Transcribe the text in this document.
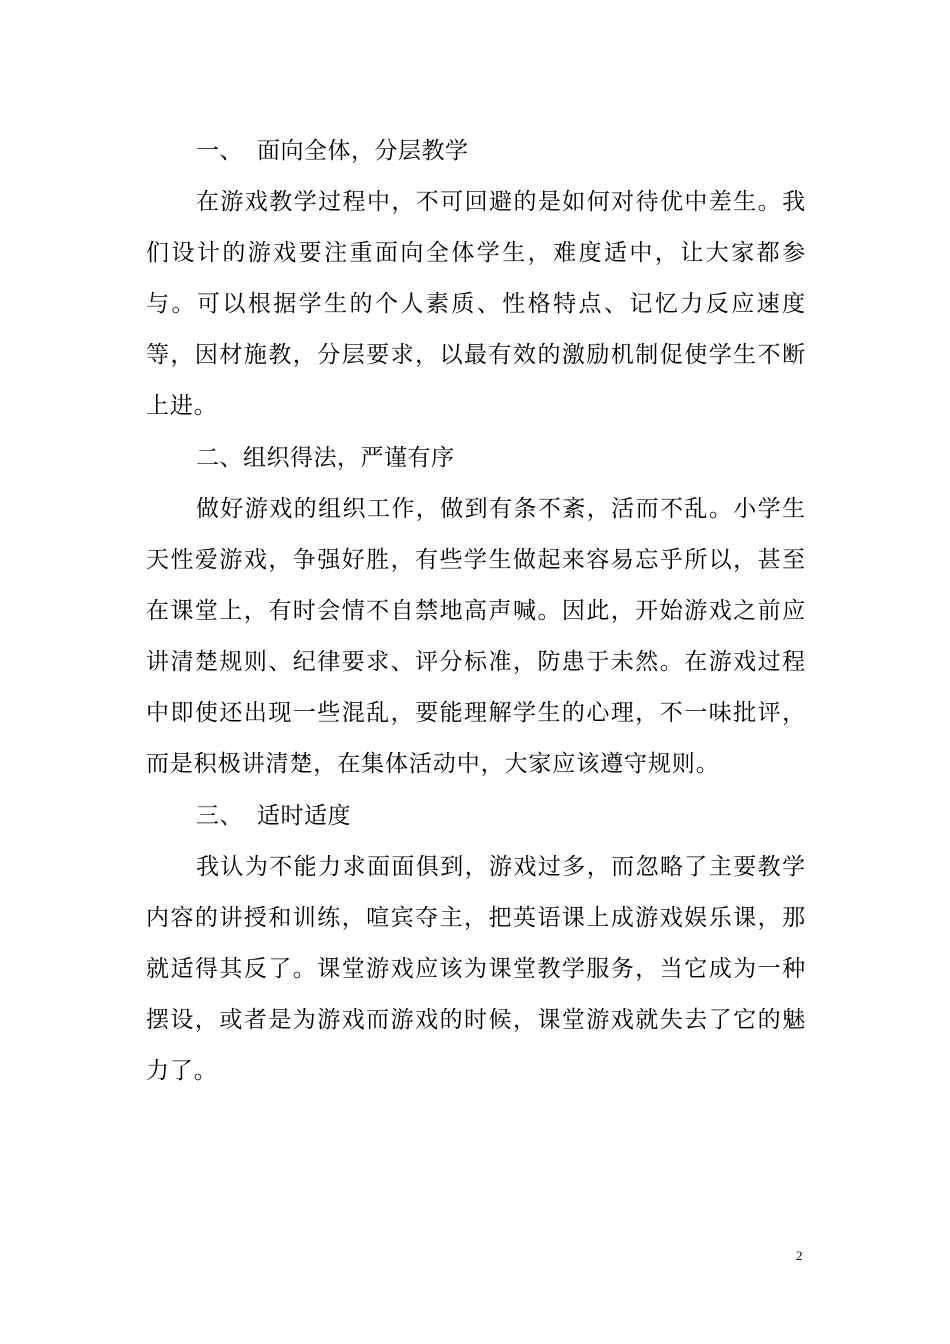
一、 面向全体，分层教学

在游戏教学过程中，不可回避的是如何对待优中差生。我们设计的游戏要注重面向全体学生，难度适中，让大家都参与。可以根据学生的个人素质、性格特点、记忆力反应速度等，因材施教，分层要求，以最有效的激励机制促使学生不断上进。

二、组织得法，严谨有序

做好游戏的组织工作，做到有条不紊，活而不乱。小学生天性爱游戏，争强好胜，有些学生做起来容易忘乎所以，甚至在课堂上，有时会情不自禁地高声喊。因此，开始游戏之前应讲清楚规则、纪律要求、评分标准，防患于未然。在游戏过程中即使还出现一些混乱，要能理解学生的心理，不一味批评，而是积极讲清楚，在集体活动中，大家应该遵守规则。

三、 适时适度

我认为不能力求面面俱到，游戏过多，而忽略了主要教学内容的讲授和训练，喧宾夺主，把英语课上成游戏娱乐课，那就适得其反了。课堂游戏应该为课堂教学服务，当它成为一种摆设，或者是为游戏而游戏的时候，课堂游戏就失去了它的魅力了。

2
